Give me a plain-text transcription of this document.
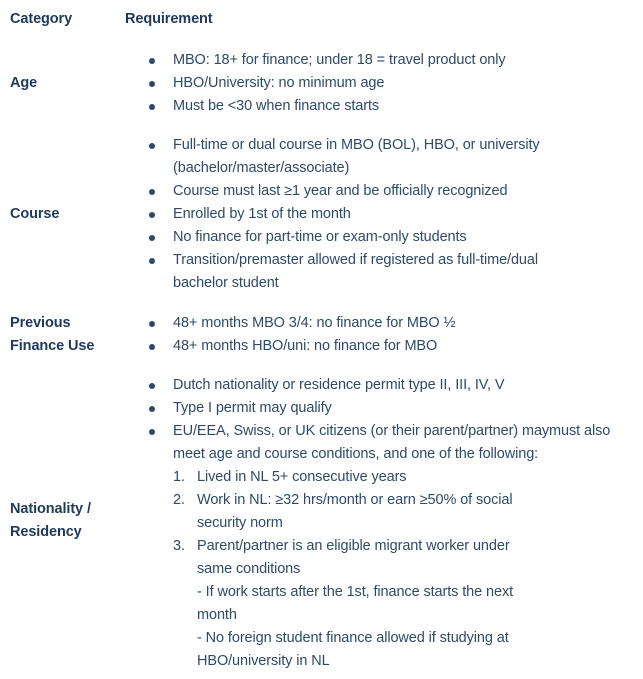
Category	Requirement
Age
MBO: 18+ for finance; under 18 = travel product only
HBO/University: no minimum age
Must be <30 when finance starts
Course
Full-time or dual course in MBO (BOL), HBO, or university (bachelor/master/associate)
Course must last ≥1 year and be officially recognized
Enrolled by 1st of the month
No finance for part-time or exam-only students
Transition/premaster allowed if registered as full-time/dual bachelor student
Previous
Finance Use
48+ months MBO 3/4: no finance for MBO ½
48+ months HBO/uni: no finance for MBO
Nationality /
Residency
Dutch nationality or residence permit type II, III, IV, V
Type I permit may qualify
EU/EEA, Swiss, or UK citizens (or their parent/partner) maymust also meet age and course conditions, and one of the following:
1. Lived in NL 5+ consecutive years
2. Work in NL: ≥32 hrs/month or earn ≥50% of social security norm
3. Parent/partner is an eligible migrant worker under same conditions
- If work starts after the 1st, finance starts the next month
- No foreign student finance allowed if studying at HBO/university in NL
